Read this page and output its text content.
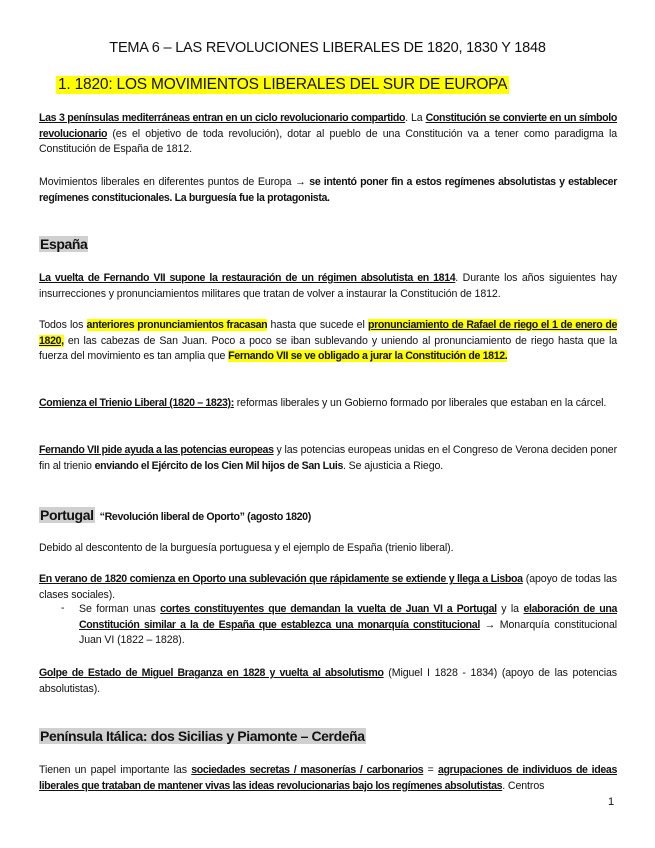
TEMA 6 – LAS REVOLUCIONES LIBERALES DE 1820, 1830 Y 1848
1. 1820: LOS MOVIMIENTOS LIBERALES DEL SUR DE EUROPA
Las 3 penínsulas mediterráneas entran en un ciclo revolucionario compartido. La Constitución se convierte en un símbolo revolucionario (es el objetivo de toda revolución), dotar al pueblo de una Constitución va a tener como paradigma la Constitución de España de 1812.
Movimientos liberales en diferentes puntos de Europa → se intentó poner fin a estos regímenes absolutistas y establecer regímenes constitucionales. La burguesía fue la protagonista.
España
La vuelta de Fernando VII supone la restauración de un régimen absolutista en 1814. Durante los años siguientes hay insurrecciones y pronunciamientos militares que tratan de volver a instaurar la Constitución de 1812.
Todos los anteriores pronunciamientos fracasan hasta que sucede el pronunciamiento de Rafael de riego el 1 de enero de 1820, en las cabezas de San Juan. Poco a poco se iban sublevando y uniendo al pronunciamiento de riego hasta que la fuerza del movimiento es tan amplia que Fernando VII se ve obligado a jurar la Constitución de 1812.
Comienza el Trienio Liberal (1820 – 1823): reformas liberales y un Gobierno formado por liberales que estaban en la cárcel.
Fernando VII pide ayuda a las potencias europeas y las potencias europeas unidas en el Congreso de Verona deciden poner fin al trienio enviando el Ejército de los Cien Mil hijos de San Luis. Se ajusticia a Riego.
Portugal “Revolución liberal de Oporto” (agosto 1820)
Debido al descontento de la burguesía portuguesa y el ejemplo de España (trienio liberal).
En verano de 1820 comienza en Oporto una sublevación que rápidamente se extiende y llega a Lisboa (apoyo de todas las clases sociales).
- Se forman unas cortes constituyentes que demandan la vuelta de Juan VI a Portugal y la elaboración de una Constitución similar a la de España que establezca una monarquía constitucional → Monarquía constitucional Juan VI (1822 – 1828).
Golpe de Estado de Miguel Braganza en 1828 y vuelta al absolutismo (Miguel I 1828 - 1834) (apoyo de las potencias absolutistas).
Península Itálica: dos Sicilias y Piamonte – Cerdeña
Tienen un papel importante las sociedades secretas / masonerías / carbonarios = agrupaciones de individuos de ideas liberales que trataban de mantener vivas las ideas revolucionarias bajo los regímenes absolutistas. Centros
1
